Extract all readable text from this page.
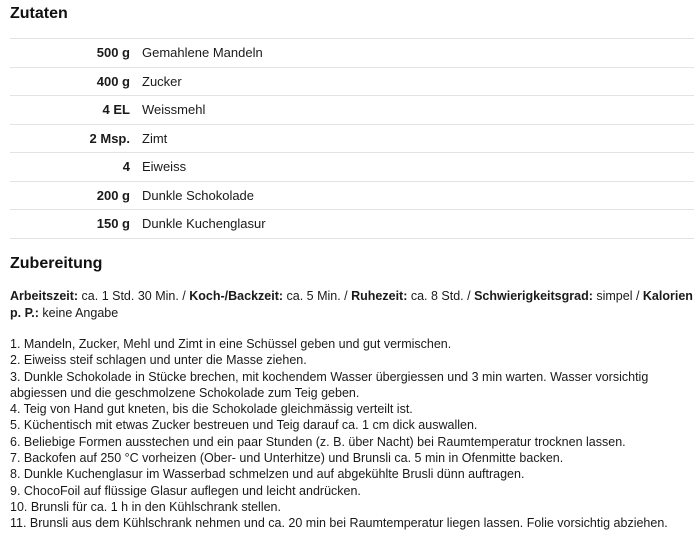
Zutaten
500 g	Gemahlene Mandeln
400 g	Zucker
4 EL	Weissmehl
2 Msp.	Zimt
4	Eiweiss
200 g	Dunkle Schokolade
150 g	Dunkle Kuchenglasur
Zubereitung
Arbeitszeit: ca. 1 Std. 30 Min. / Koch-/Backzeit: ca. 5 Min. / Ruhezeit: ca. 8 Std. / Schwierigkeitsgrad: simpel / Kalorien p. P.: keine Angabe
1. Mandeln, Zucker, Mehl und Zimt in eine Schüssel geben und gut vermischen.
2. Eiweiss steif schlagen und unter die Masse ziehen.
3. Dunkle Schokolade in Stücke brechen, mit kochendem Wasser übergiessen und 3 min warten. Wasser vorsichtig abgiessen und die geschmolzene Schokolade zum Teig geben.
4. Teig von Hand gut kneten, bis die Schokolade gleichmässig verteilt ist.
5. Küchentisch mit etwas Zucker bestreuen und Teig darauf ca. 1 cm dick auswallen.
6. Beliebige Formen ausstechen und ein paar Stunden (z. B. über Nacht) bei Raumtemperatur trocknen lassen.
7. Backofen auf 250 °C vorheizen (Ober- und Unterhitze) und Brunsli ca. 5 min in Ofenmitte backen.
8. Dunkle Kuchenglasur im Wasserbad schmelzen und auf abgekühlte Brusli dünn auftragen.
9. ChocoFoil auf flüssige Glasur auflegen und leicht andrücken.
10. Brunsli für ca. 1 h in den Kühlschrank stellen.
11. Brunsli aus dem Kühlschrank nehmen und ca. 20 min bei Raumtemperatur liegen lassen. Folie vorsichtig abziehen.
